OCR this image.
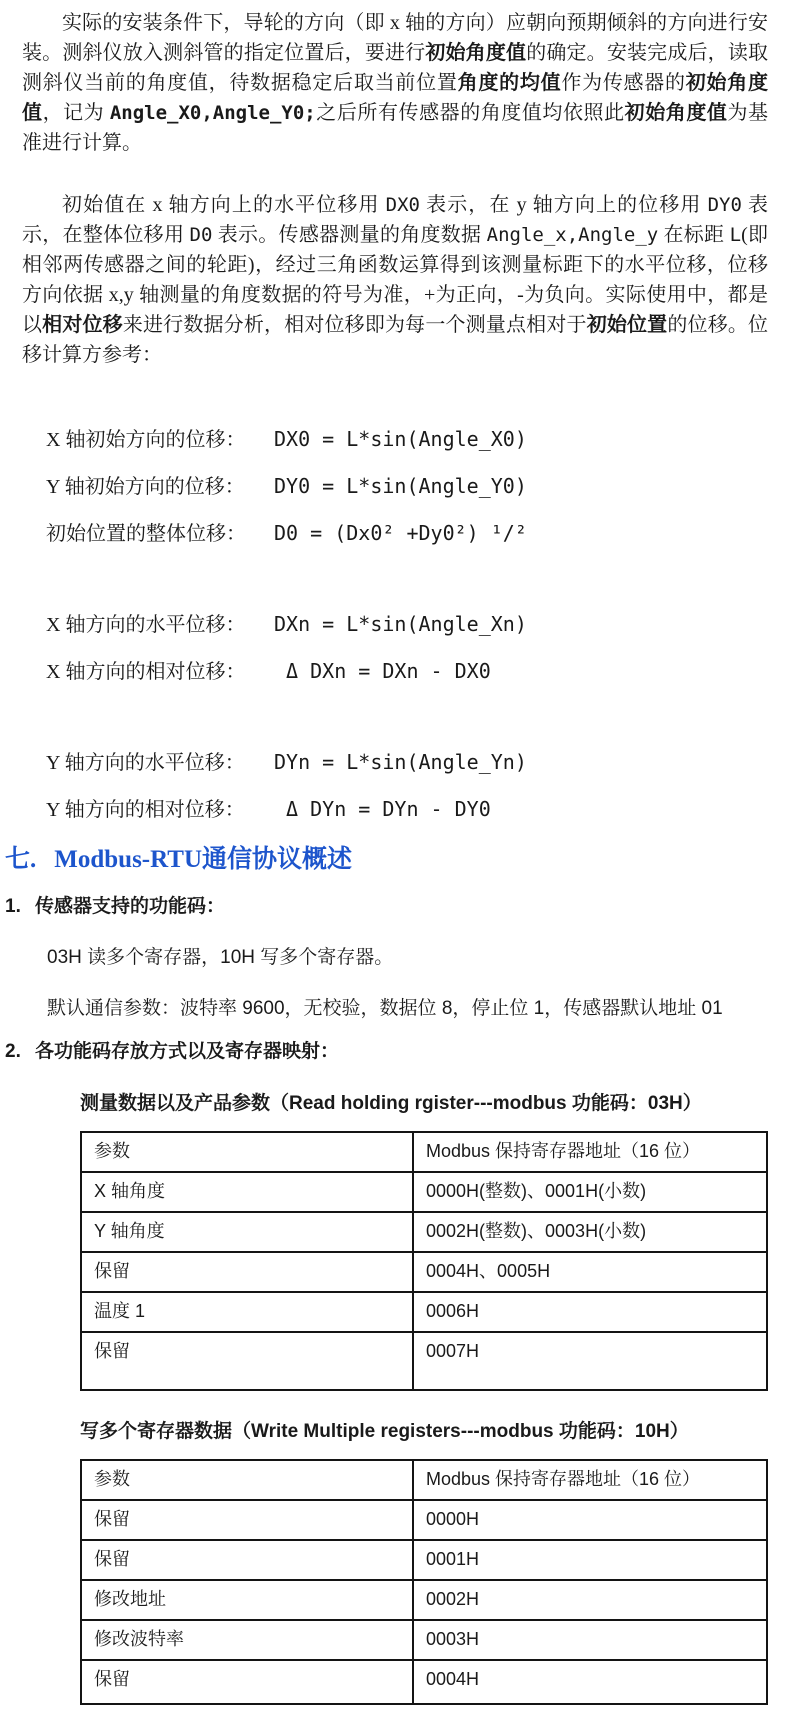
实际的安装条件下，导轮的方向（即 x 轴的方向）应朝向预期倾斜的方向进行安装。测斜仪放入测斜管的指定位置后，要进行初始角度值的确定。安装完成后，读取测斜仪当前的角度值，待数据稳定后取当前位置角度的均值作为传感器的初始角度值，记为 Angle_X0,Angle_Y0;之后所有传感器的角度值均依照此初始角度值为基准进行计算。

初始值在 x 轴方向上的水平位移用 DX0 表示，在 y 轴方向上的位移用 DY0 表示，在整体位移用 D0 表示。传感器测量的角度数据 Angle_x,Angle_y 在标距 L(即相邻两传感器之间的轮距)，经过三角函数运算得到该测量标距下的水平位移，位移方向依据 x,y 轴测量的角度数据的符号为准，+为正向，-为负向。实际使用中，都是以相对位移来进行数据分析，相对位移即为每一个测量点相对于初始位置的位移。位移计算方参考：

X 轴初始方向的位移： DX0 = L*sin(Angle_X0)
Y 轴初始方向的位移： DY0 = L*sin(Angle_Y0)
初始位置的整体位移： D0 = (Dx0² +Dy0²) ¹/²
X 轴方向的水平位移： DXn = L*sin(Angle_Xn)
X 轴方向的相对位移： Δ DXn = DXn - DX0
Y 轴方向的水平位移： DYn = L*sin(Angle_Yn)
Y 轴方向的相对位移： Δ DYn = DYn - DY0
七. Modbus-RTU通信协议概述
1. 传感器支持的功能码：
03H 读多个寄存器，10H 写多个寄存器。
默认通信参数：波特率 9600，无校验，数据位 8，停止位 1，传感器默认地址 01
2. 各功能码存放方式以及寄存器映射：
测量数据以及产品参数（Read holding rgister---modbus 功能码：03H）
参数	Modbus 保持寄存器地址（16 位）
X 轴角度	0000H(整数)、0001H(小数)
Y 轴角度	0002H(整数)、0003H(小数)
保留	0004H、0005H
温度 1	0006H
保留	0007H
写多个寄存器数据（Write Multiple registers---modbus 功能码：10H）
参数	Modbus 保持寄存器地址（16 位）
保留	0000H
保留	0001H
修改地址	0002H
修改波特率	0003H
保留	0004H
